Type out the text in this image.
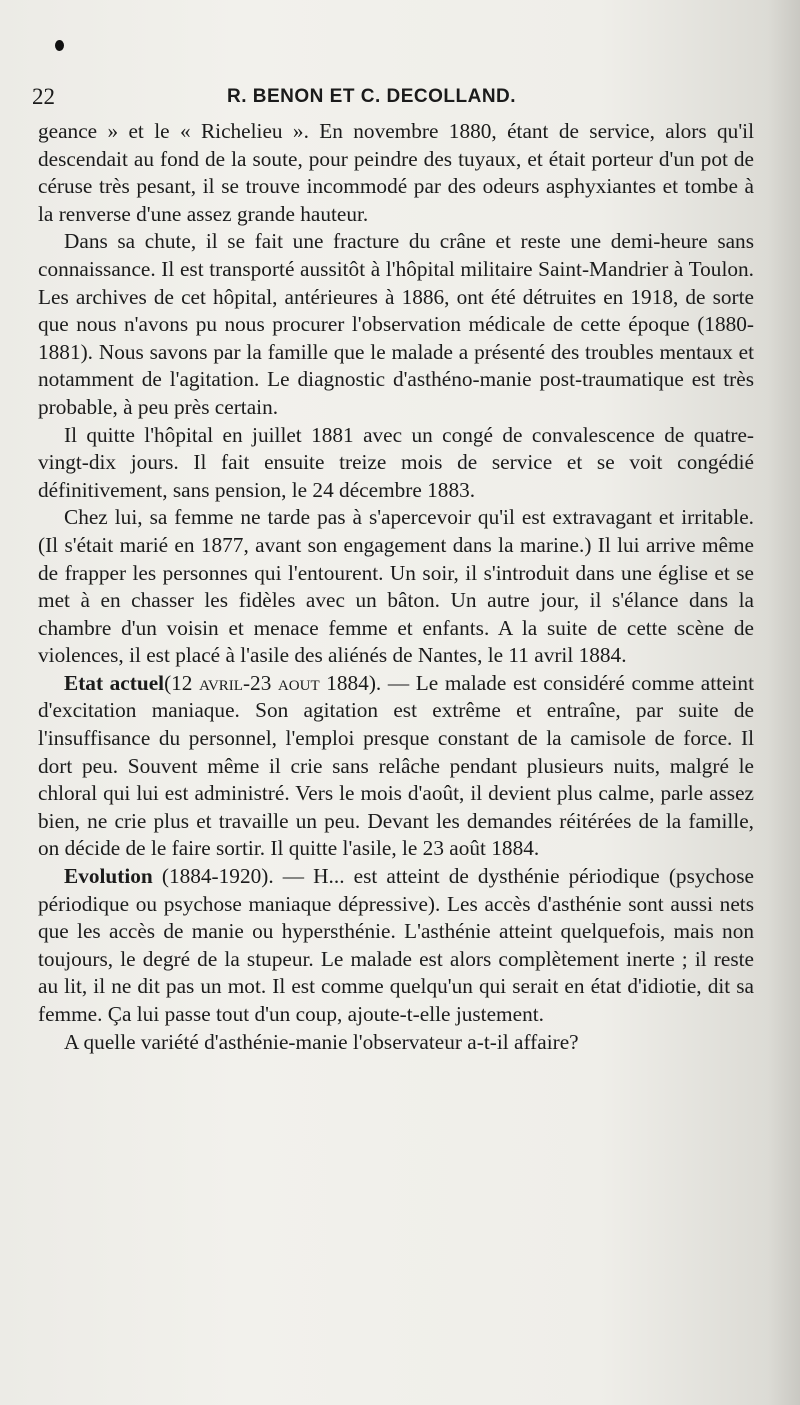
22	R. BENON ET C. DECOLLAND.

geance » et le « Richelieu ». En novembre 1880, étant de service, alors qu'il descendait au fond de la soute, pour peindre des tuyaux, et était porteur d'un pot de céruse très pesant, il se trouve incommodé par des odeurs asphyxiantes et tombe à la renverse d'une assez grande hauteur.

Dans sa chute, il se fait une fracture du crâne et reste une demi-heure sans connaissance. Il est transporté aussitôt à l'hôpital militaire Saint-Mandrier à Toulon. Les archives de cet hôpital, antérieures à 1886, ont été détruites en 1918, de sorte que nous n'avons pu nous procurer l'observation médicale de cette époque (1880-1881). Nous savons par la famille que le malade a présenté des troubles mentaux et notamment de l'agitation. Le diagnostic d'asthéno-manie post-traumatique est très probable, à peu près certain.

Il quitte l'hôpital en juillet 1881 avec un congé de convalescence de quatre-vingt-dix jours. Il fait ensuite treize mois de service et se voit congédié définitivement, sans pension, le 24 décembre 1883.

Chez lui, sa femme ne tarde pas à s'apercevoir qu'il est extravagant et irritable. (Il s'était marié en 1877, avant son engagement dans la marine.) Il lui arrive même de frapper les personnes qui l'entourent. Un soir, il s'introduit dans une église et se met à en chasser les fidèles avec un bâton. Un autre jour, il s'élance dans la chambre d'un voisin et menace femme et enfants. A la suite de cette scène de violences, il est placé à l'asile des aliénés de Nantes, le 11 avril 1884.

Etat actuel(12 avril-23 aout 1884). — Le malade est considéré comme atteint d'excitation maniaque. Son agitation est extrême et entraîne, par suite de l'insuffisance du personnel, l'emploi presque constant de la camisole de force. Il dort peu. Souvent même il crie sans relâche pendant plusieurs nuits, malgré le chloral qui lui est administré. Vers le mois d'août, il devient plus calme, parle assez bien, ne crie plus et travaille un peu. Devant les demandes réitérées de la famille, on décide de le faire sortir. Il quitte l'asile, le 23 août 1884.

Evolution (1884-1920). — H... est atteint de dysthénie périodique (psychose périodique ou psychose maniaque dépressive). Les accès d'asthénie sont aussi nets que les accès de manie ou hypersthénie. L'asthénie atteint quelquefois, mais non toujours, le degré de la stupeur. Le malade est alors complètement inerte ; il reste au lit, il ne dit pas un mot. Il est comme quelqu'un qui serait en état d'idiotie, dit sa femme. Ça lui passe tout d'un coup, ajoute-t-elle justement.

A quelle variété d'asthénie-manie l'observateur a-t-il affaire?
